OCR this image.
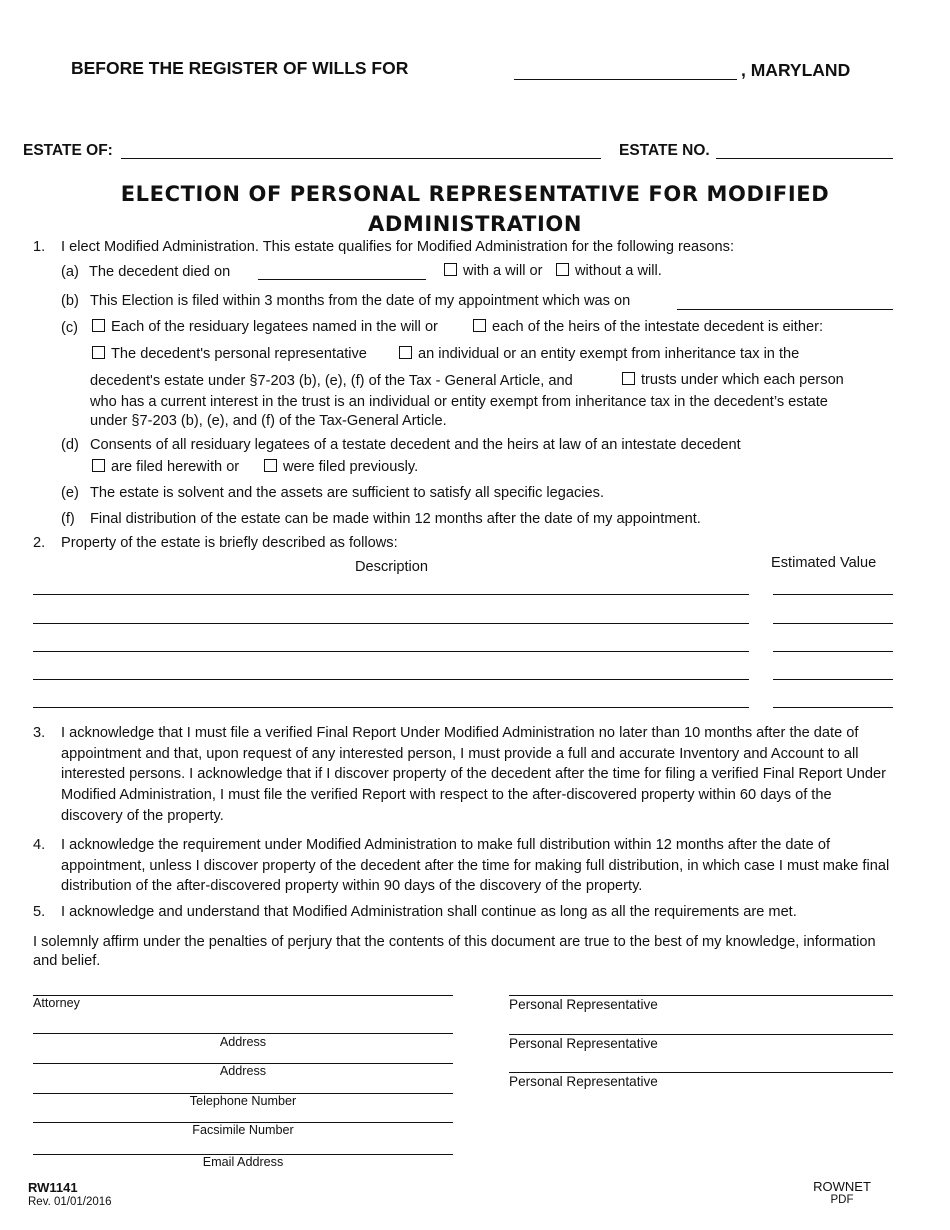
BEFORE THE REGISTER OF WILLS FOR	, MARYLAND
ESTATE OF:	ESTATE NO.
ELECTION OF PERSONAL REPRESENTATIVE FOR MODIFIED
ADMINISTRATION
1. I elect Modified Administration. This estate qualifies for Modified Administration for the following reasons:
(a) The decedent died on	with a will or	without a will.
(b) This Election is filed within 3 months from the date of my appointment which was on
(c)	Each of the residuary legatees named in the will or	each of the heirs of the intestate decedent is either:
The decedent's personal representative	an individual or an entity exempt from inheritance tax in the
decedent's estate under §7-203 (b), (e), (f) of the Tax - General Article, and	trusts under which each person
who has a current interest in the trust is an individual or entity exempt from inheritance tax in the decedent’s estate
under §7-203 (b), (e), and (f) of the Tax-General Article.
(d) Consents of all residuary legatees of a testate decedent and the heirs at law of an intestate decedent
are filed herewith or	were filed previously.
(e) The estate is solvent and the assets are sufficient to satisfy all specific legacies.
(f) Final distribution of the estate can be made within 12 months after the date of my appointment.
2. Property of the estate is briefly described as follows:
Description	Estimated Value
3. I acknowledge that I must file a verified Final Report Under Modified Administration no later than 10 months after the date of appointment and that, upon request of any interested person, I must provide a full and accurate Inventory and Account to all interested persons. I acknowledge that if I discover property of the decedent after the time for filing a verified Final Report Under Modified Administration, I must file the verified Report with respect to the after-discovered property within 60 days of the discovery of the property.
4. I acknowledge the requirement under Modified Administration to make full distribution within 12 months after the date of appointment, unless I discover property of the decedent after the time for making full distribution, in which case I must make final distribution of the after-discovered property within 90 days of the discovery of the property.
5. I acknowledge and understand that Modified Administration shall continue as long as all the requirements are met.
I solemnly affirm under the penalties of perjury that the contents of this document are true to the best of my knowledge, information and belief.
Attorney
Address
Address
Telephone Number
Facsimile Number
Email Address
Personal Representative
Personal Representative
Personal Representative
RW1141
Rev. 01/01/2016
ROWNET
PDF
